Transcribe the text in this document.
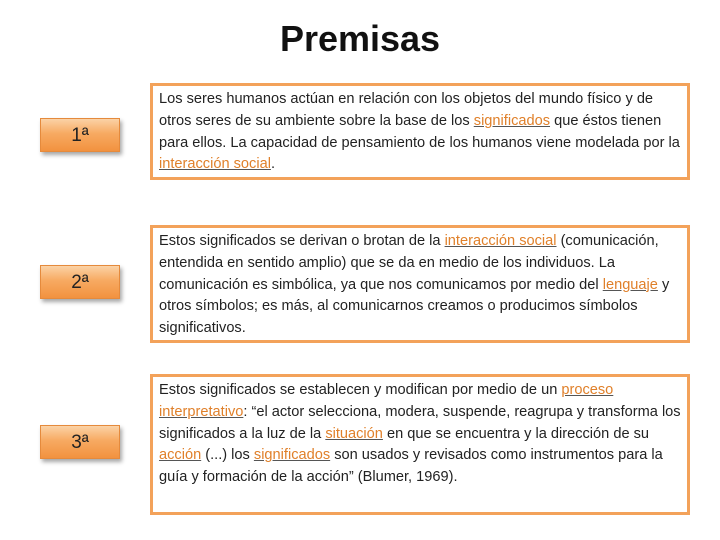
Premisas
1ª
Los seres humanos actúan en relación con los objetos del mundo físico y de otros seres de su ambiente sobre la base de los significados que éstos tienen para ellos. La capacidad de pensamiento de los humanos viene modelada por la interacción social.
2ª
Estos significados se derivan o brotan de la interacción social (comunicación, entendida en sentido amplio) que se da en medio de los individuos. La comunicación es simbólica, ya que nos comunicamos por medio del lenguaje y otros símbolos; es más, al comunicarnos creamos o producimos símbolos significativos.
3ª
Estos significados se establecen y modifican por medio de un proceso interpretativo: “el actor selecciona, modera, suspende, reagrupa y transforma los significados a la luz de la situación en que se encuentra y la dirección de su acción (...) los significados son usados y revisados como instrumentos para la guía y formación de la acción” (Blumer, 1969).
